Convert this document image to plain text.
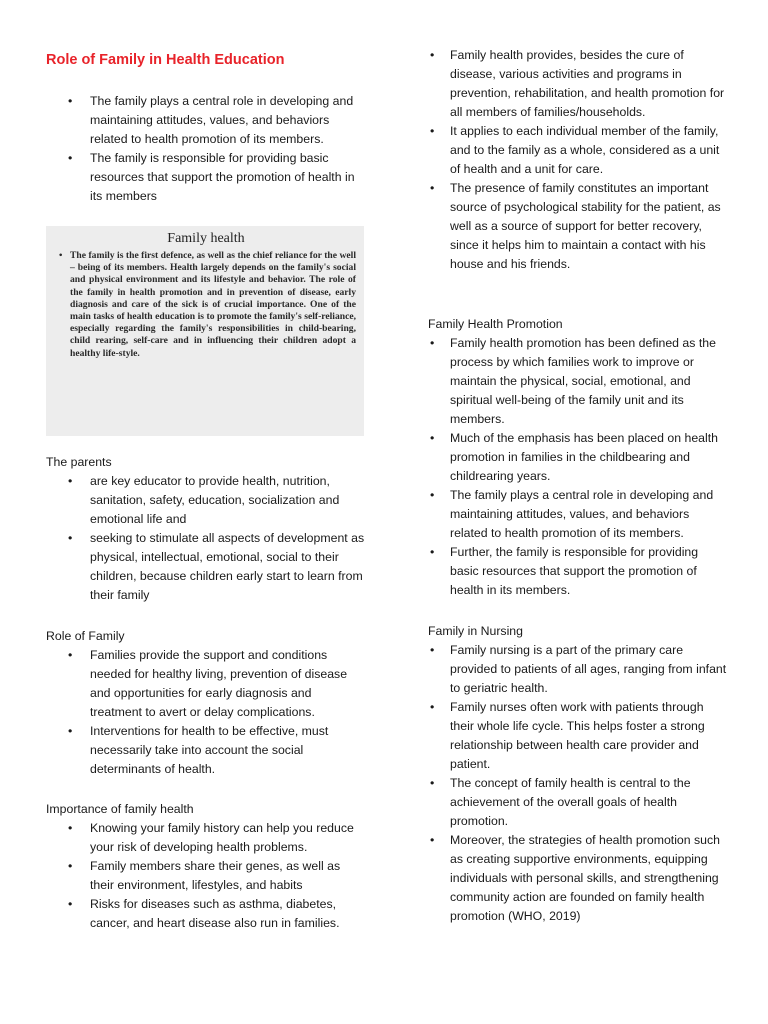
Role of Family in Health Education
• The family plays a central role in developing and maintaining attitudes, values, and behaviors related to health promotion of its members.
• The family is responsible for providing basic resources that support the promotion of health in its members

The parents

• are key educator to provide health, nutrition, sanitation, safety, education, socialization and emotional life and
• seeking to stimulate all aspects of development as physical, intellectual, emotional, social to their children, because children early start to learn from their family

Role of Family

• Families provide the support and conditions needed for healthy living, prevention of disease and opportunities for early diagnosis and treatment to avert or delay complications.
• Interventions for health to be effective, must necessarily take into account the social determinants of health.

Importance of family health

• Knowing your family history can help you reduce your risk of developing health problems.
• Family members share their genes, as well as their environment, lifestyles, and habits
• Risks for diseases such as asthma, diabetes, cancer, and heart disease also run in families.

Family health

• The family is the first defence, as well as the chief reliance for the well – being of its members. Health largely depends on the family's social and physical environment and its lifestyle and behavior. The role of the family in health promotion and in prevention of disease, early diagnosis and care of the sick is of crucial importance. One of the main tasks of health education is to promote the family's self-reliance, especially regarding the family's responsibilities in child-bearing, child rearing, self-care and in influencing their children adopt a healthy life-style.

• Family health provides, besides the cure of disease, various activities and programs in prevention, rehabilitation, and health promotion for all members of families/households.
• It applies to each individual member of the family, and to the family as a whole, considered as a unit of health and a unit for care.
• The presence of family constitutes an important source of psychological stability for the patient, as well as a source of support for better recovery, since it helps him to maintain a contact with his house and his friends.

Family Health Promotion

• Family health promotion has been defined as the process by which families work to improve or maintain the physical, social, emotional, and spiritual well-being of the family unit and its members.
• Much of the emphasis has been placed on health promotion in families in the childbearing and childrearing years.
• The family plays a central role in developing and maintaining attitudes, values, and behaviors related to health promotion of its members.
• Further, the family is responsible for providing basic resources that support the promotion of health in its members.

Family in Nursing

• Family nursing is a part of the primary care provided to patients of all ages, ranging from infant to geriatric health.
• Family nurses often work with patients through their whole life cycle. This helps foster a strong relationship between health care provider and patient.
• The concept of family health is central to the achievement of the overall goals of health promotion.
• Moreover, the strategies of health promotion such as creating supportive environments, equipping individuals with personal skills, and strengthening community action are founded on family health promotion (WHO, 2019)
